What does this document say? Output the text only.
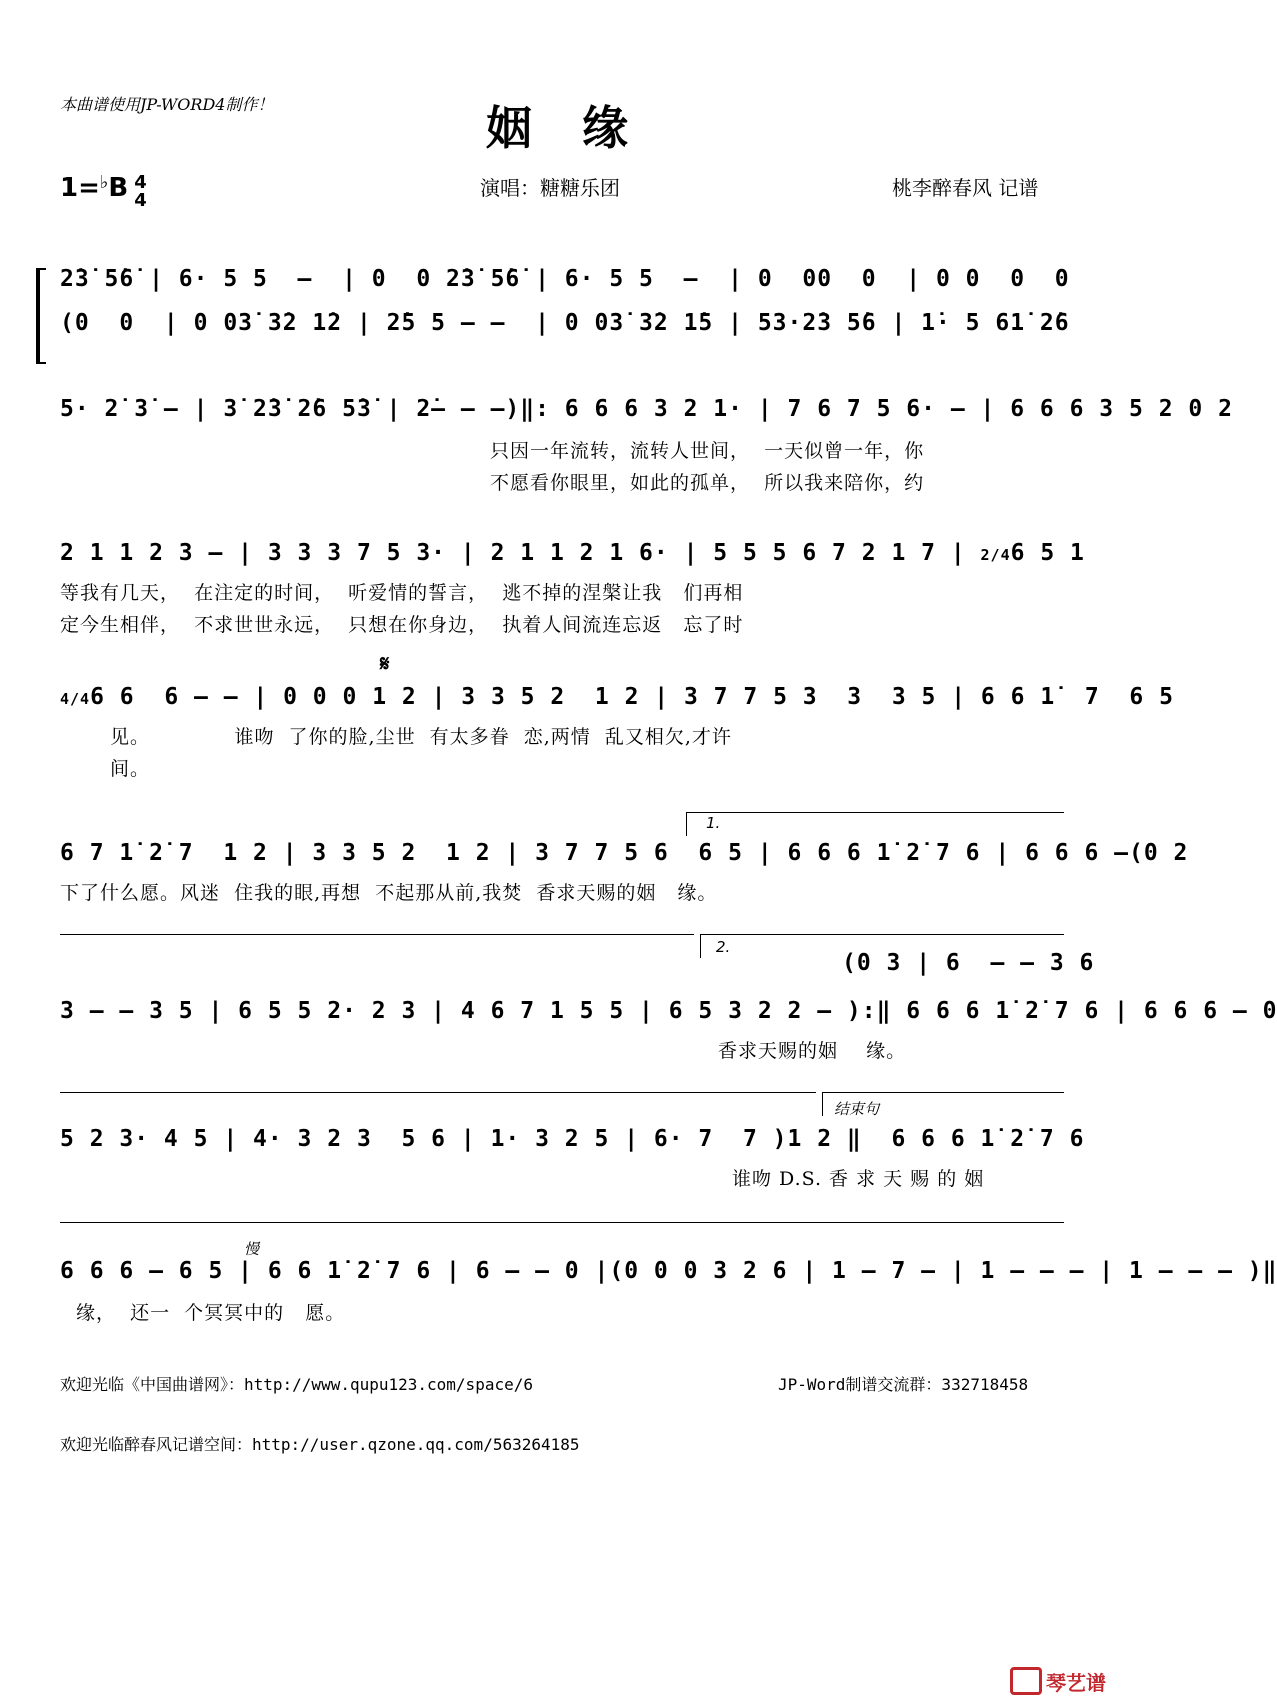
本曲谱使用JP-WORD4制作！	姻  缘
1=♭B 4
4
演唱：糖糖乐团	桃李醉春风 记谱
2̇3̇ 5̇6̇ | 6· 5 5  –  | 0  0 2̇3̇ 5̇6̇ | 6· 5 5  –  | 0  00  0  | 0 0  0  0
(0  0  | 0 03̇ 3̇2 1̇2 | 2̇5 5 – –  | 0 03̇ 3̇2 1̇5 | 53·2̇3 5̇6 | 1̇· 5 61̇ 2̇6
5· 2̇ 3̇ – | 3̇ 2̇3̇ 2̇6 5̇3̇ | 2̇– – –)‖: 6 6 6 3 2 1· | 7 6 7 5 6· – | 6 6 6 3 5 2 0 2
只因一年流转，流转人世间，  一天似曾一年，你
不愿看你眼里，如此的孤单，  所以我来陪你，约
2 1 1 2 3 – | 3 3 3 7 5 3· | 2 1 1 2 1 6· | 5 5 5 6 7 2 1 7 | 2/46 5 1
等我有几天，  在注定的时间，  听爱情的誓言，  逃不掉的涅槃让我   们再相
定今生相伴，  不求世世永远，  只想在你身边，  执着人间流连忘返   忘了时
𝄋
4/46 6  6 – – | 0 0 0 1 2 | 3 3 5 2  1 2 | 3 7 7 5 3  3  3 5 | 6 6 1̇  7  6 5
见。            谁吻  了你的脸,尘世  有太多眷  恋,两情  乱又相欠,才许
间。
1.
6 7 1̇ 2̇ 7  1 2 | 3 3 5 2  1 2 | 3 7 7 5 6  6 5 | 6 6 6 1̇ 2̇ 7 6 | 6 6 6 –(0 2
下了什么愿。风迷  住我的眼,再想  不起那从前,我焚  香求天赐的姻   缘。
2.
(0 3 | 6  – – 3 6
3 – – 3 5 | 6 5 5 2· 2 3 | 4 6 7 1 5 5 | 6 5 3 2 2 – ):‖ 6 6 6 1̇ 2̇ 7 6 | 6 6 6 – 0
香求天赐的姻    缘。
结束句
5 2 3· 4 5 | 4· 3 2 3  5 6 | 1· 3 2 5 | 6· 7  7 )1 2 ‖  6 6 6 1̇ 2̇ 7 6
谁吻 D.S. 香 求 天 赐 的 姻
慢
6 6 6 – 6 5 | 6 6 1̇ 2̇ 7 6 | 6 – – 0 |(0 0 0 3 2 6 | 1 – 7 – | 1 – – – | 1 – – – )‖
缘，  还一  个冥冥中的   愿。
欢迎光临《中国曲谱网》：http://www.qupu123.com/space/6	JP-Word制谱交流群：332718458
欢迎光临醉春风记谱空间：http://user.qzone.qq.com/563264185
琴艺谱
